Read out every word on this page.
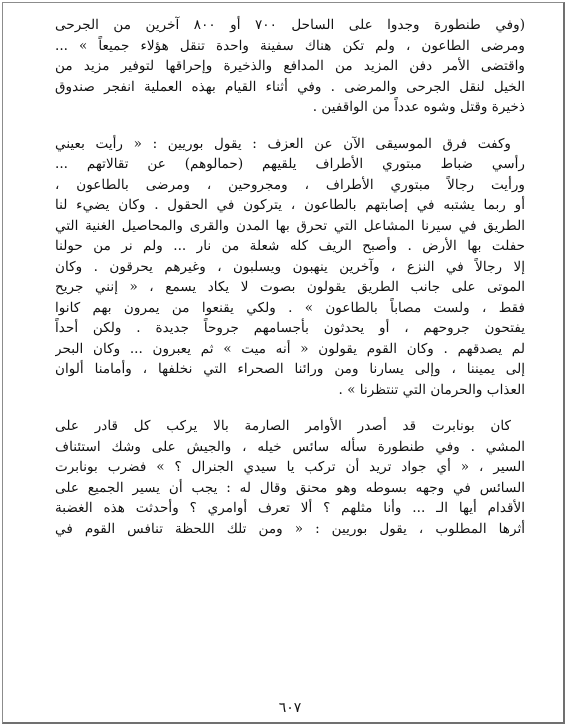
(وفي طنطورة وجدوا على الساحل ٧٠٠ أو ٨٠٠ آخرين من الجرحى

ومرضى الطاعون ، ولم تكن هناك سفينة واحدة تنقل هؤلاء جميعاً » ...

واقتضى الأمر دفن المزيد من المدافع والذخيرة وإحراقها لتوفير مزيد من

الخيل لنقل الجرحى والمرضى . وفي أثناء القيام بهذه العملية انفجر صندوق

ذخيرة وقتل وشوه عدداً من الواقفين .

وكفت فرق الموسيقى الآن عن العزف : يقول بوريين : « رأيت بعيني

رأسي ضباط مبتوري الأطراف يلقيهم (حمالوهم) عن تقالاتهم ...

ورأيت رجالاً مبتوري الأطراف ، ومجروحين ، ومرضى بالطاعون ،

أو ربما يشتبه في إصابتهم بالطاعون ، يتركون في الحقول . وكان يضيء لنا

الطريق في سيرنا المشاعل التي تحرق بها المدن والقرى والمحاصيل الغنية التي

حفلت بها الأرض . وأصبح الريف كله شعلة من نار ... ولم نر من حولنا

إلا رجالاً في النزع ، وآخرين ينهبون ويسلبون ، وغيرهم يحرقون . وكان

الموتى على جانب الطريق يقولون بصوت لا يكاد يسمع ، « إنني جريح

فقط ، ولست مصاباً بالطاعون » . ولكي يقنعوا من يمرون بهم كانوا

يفتحون جروحهم ، أو يحدثون بأجسامهم جروحاً جديدة . ولكن أحداً

لم يصدقهم . وكان القوم يقولون « أنه ميت » ثم يعبرون ... وكان البحر

إلى يميننا ، وإلى يسارنا ومن ورائنا الصحراء التي نخلفها ، وأمامنا ألوان

العذاب والحرمان التي تنتظرنا » .

كان بونابرت قد أصدر الأوامر الصارمة بالا يركب كل قادر على

المشي . وفي طنطورة سأله سائس خيله ، والجيش على وشك استئناف

السير ، « أي جواد تريد أن تركب يا سيدي الجنرال ؟ » فضرب بونابرت

السائس في وجهه بسوطه وهو محنق وقال له : يجب أن يسير الجميع على

الأقدام أيها الـ ... وأنا مثلهم ؟ ألا تعرف أوامري ؟ وأحدثت هذه الغضبة

أثرها المطلوب ، يقول بوريين : « ومن تلك اللحظة تنافس القوم في

٦٠٧
